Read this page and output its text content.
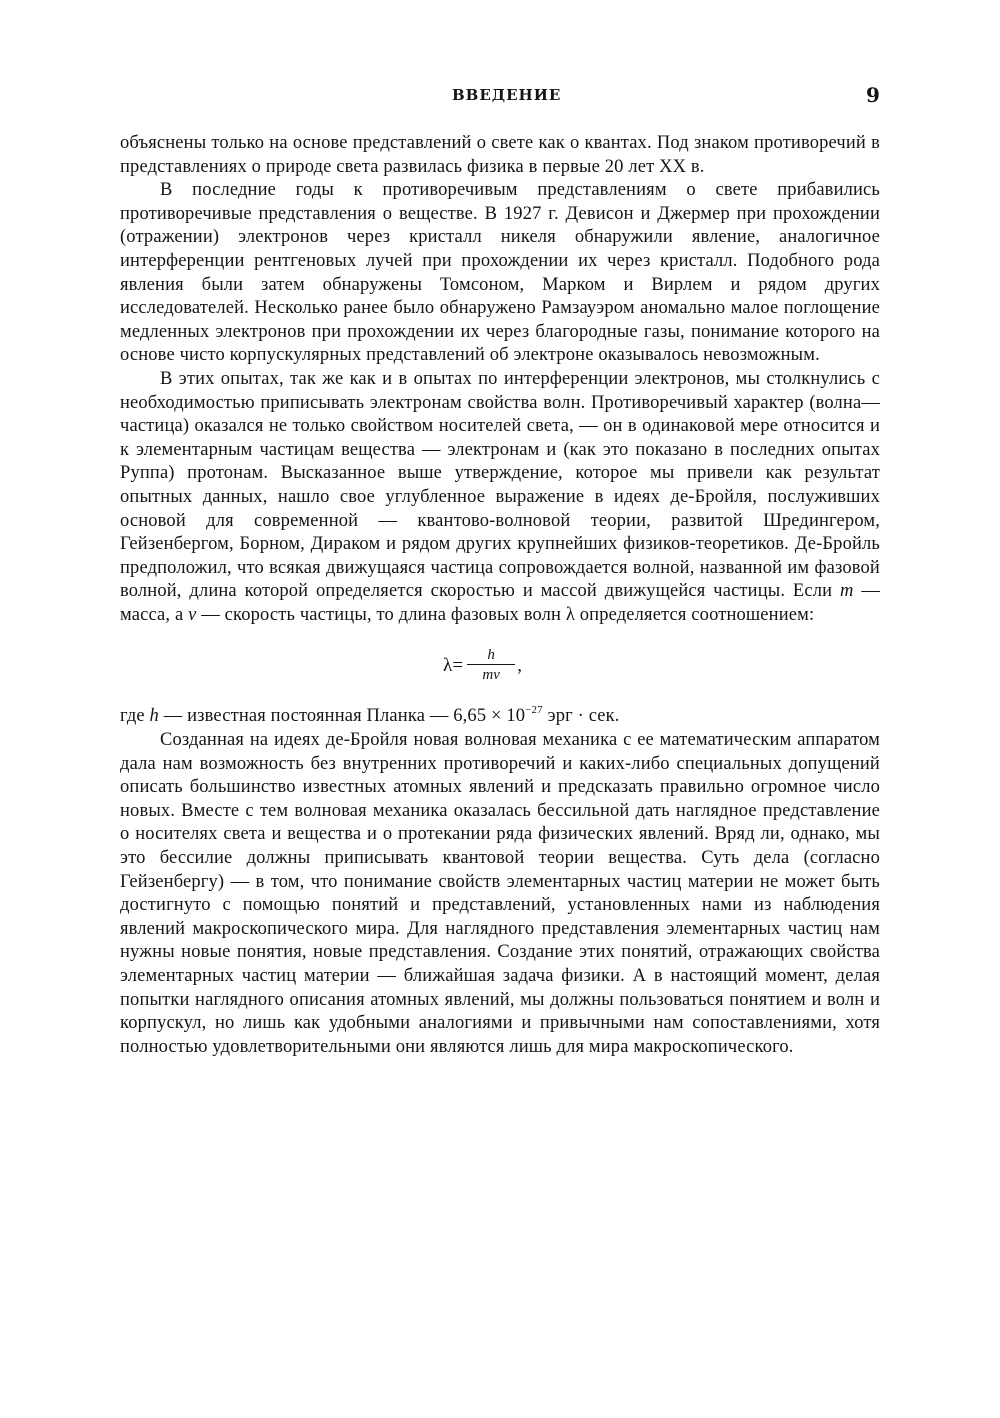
ВВЕДЕНИЕ	9

объяснены только на основе представлений о свете как о квантах. Под знаком противоречий в представлениях о природе света развилась физика в первые 20 лет XX в.

В последние годы к противоречивым представлениям о свете прибавились противоречивые представления о веществе. В 1927 г. Девисон и Джермер при прохождении (отражении) электронов через кристалл никеля обнаружили явление, аналогичное интерференции рентгеновых лучей при прохождении их через кристалл. Подобного рода явления были затем обнаружены Томсоном, Марком и Вирлем и рядом других исследователей. Несколько ранее было обнаружено Рамзауэром аномально малое поглощение медленных электронов при прохождении их через благородные газы, понимание которого на основе чисто корпускулярных представлений об электроне оказывалось невозможным.

В этих опытах, так же как и в опытах по интерференции электронов, мы столкнулись с необходимостью приписывать электронам свойства волн. Противоречивый характер (волна—частица) оказался не только свойством носителей света, — он в одинаковой мере относится и к элементарным частицам вещества — электронам и (как это показано в последних опытах Руппа) протонам. Высказанное выше утверждение, которое мы привели как результат опытных данных, нашло свое углубленное выражение в идеях де-Бройля, послуживших основой для современной — квантово-волновой теории, развитой Шредингером, Гейзенбергом, Борном, Дираком и рядом других крупнейших физиков-теоретиков. Де-Бройль предположил, что всякая движущаяся частица сопровождается волной, названной им фазовой волной, длина которой определяется скоростью и массой движущейся частицы. Если m — масса, а v — скорость частицы, то длина фазовых волн λ определяется соотношением:

$\lambda= \frac{h}{mv}$ ,

где h — известная постоянная Планка — $6,65 \times 10^{-27}$ эрг · сек.

Созданная на идеях де-Бройля новая волновая механика с ее математическим аппаратом дала нам возможность без внутренних противоречий и каких-либо специальных допущений описать большинство известных атомных явлений и предсказать правильно огромное число новых. Вместе с тем волновая механика оказалась бессильной дать наглядное представление о носителях света и вещества и о протекании ряда физических явлений. Вряд ли, однако, мы это бессилие должны приписывать квантовой теории вещества. Суть дела (согласно Гейзенбергу) — в том, что понимание свойств элементарных частиц материи не может быть достигнуто с помощью понятий и представлений, установленных нами из наблюдения явлений макроскопического мира. Для наглядного представления элементарных частиц нам нужны новые понятия, новые представления. Создание этих понятий, отражающих свойства элементарных частиц материи — ближайшая задача физики. А в настоящий момент, делая попытки наглядного описания атомных явлений, мы должны пользоваться понятием и волн и корпускул, но лишь как удобными аналогиями и привычными нам сопоставлениями, хотя полностью удовлетворительными они являются лишь для мира макроскопического.
